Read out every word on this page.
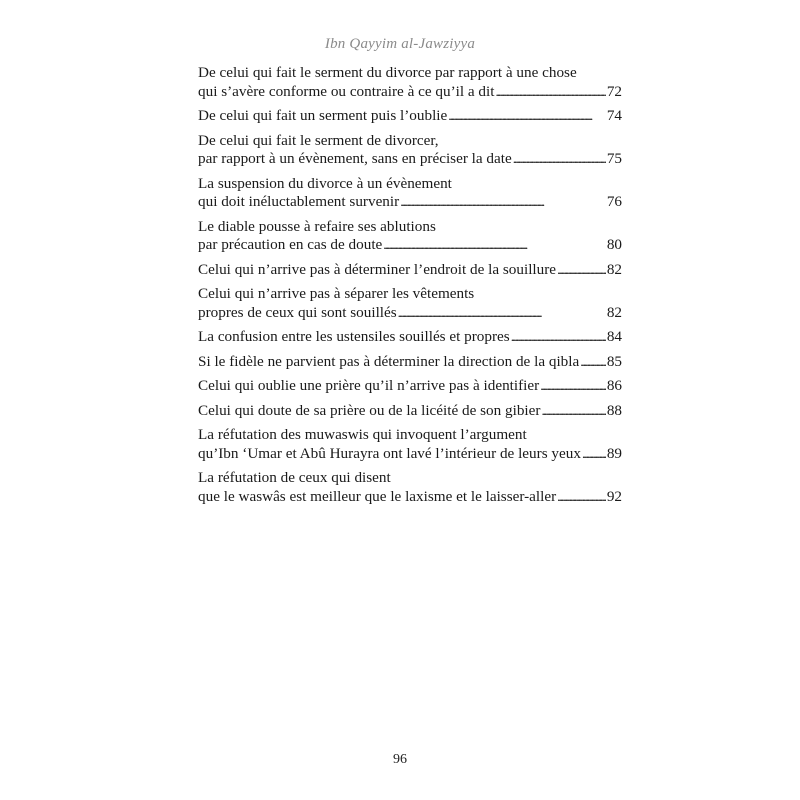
Ibn Qayyim al-Jawziyya
De celui qui fait le serment du divorce par rapport à une chose
qui s’avère conforme ou contraire à ce qu’il a dit . . .	72
De celui qui fait un serment puis l’oublie . . .	74
De celui qui fait le serment de divorcer,
par rapport à un évènement, sans en préciser la date . . .	75
La suspension du divorce à un évènement
qui doit inéluctablement survenir . . .	76
Le diable pousse à refaire ses ablutions
par précaution en cas de doute . . .	80
Celui qui n’arrive pas à déterminer l’endroit de la souillure . . .	82
Celui qui n’arrive pas à séparer les vêtements
propres de ceux qui sont souillés . . .	82
La confusion entre les ustensiles souillés et propres . . .	84
Si le fidèle ne parvient pas à déterminer la direction de la qibla . . . 85
Celui qui oublie une prière qu’il n’arrive pas à identifier . . .	86
Celui qui doute de sa prière ou de la licéité de son gibier . . .	88
La réfutation des muwaswis qui invoquent l’argument
qu’Ibn ‘Umar et Abû Hurayra ont lavé l’intérieur de leurs yeux . . . 89
La réfutation de ceux qui disent
que le waswâs est meilleur que le laxisme et le laisser-aller . . .	92
96
